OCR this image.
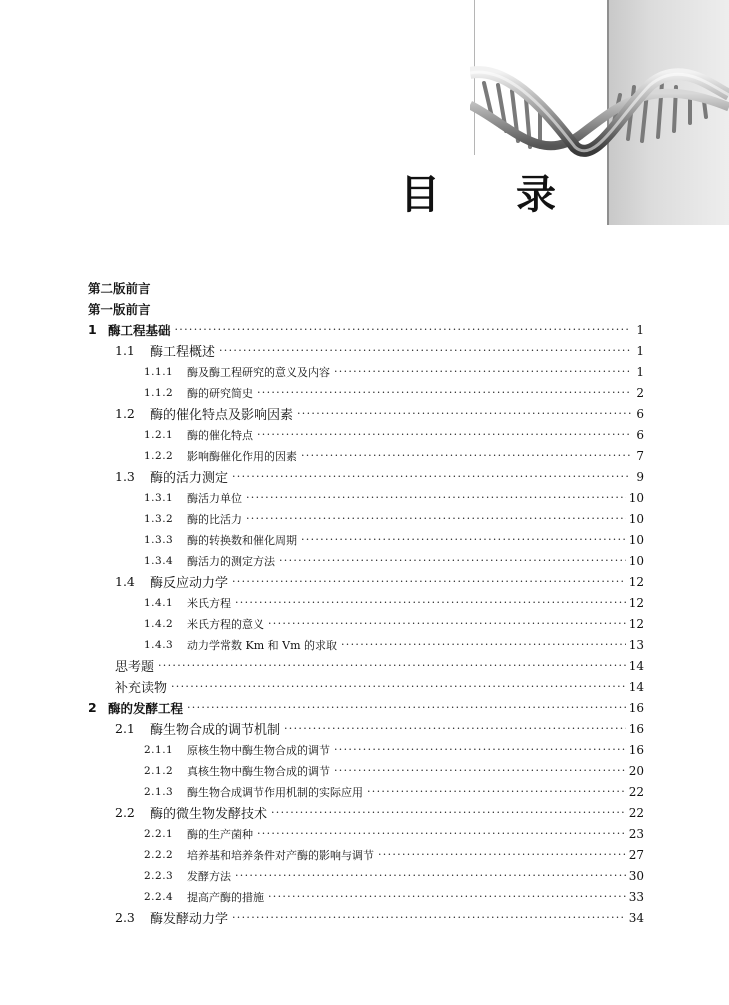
目 录
第二版前言
第一版前言
1 酶工程基础 ·····	1
1.1	酶工程概述 ·····	1
1.1.1	酶及酶工程研究的意义及内容 ·····	1
1.1.2	酶的研究简史 ·····	2
1.2	酶的催化特点及影响因素 ·····	6
1.2.1	酶的催化特点 ·····	6
1.2.2	影响酶催化作用的因素 ·····	7
1.3	酶的活力测定 ·····	9
1.3.1	酶活力单位 ·····	10
1.3.2	酶的比活力 ·····	10
1.3.3	酶的转换数和催化周期 ·····	10
1.3.4	酶活力的测定方法 ·····	10
1.4	酶反应动力学 ·····	12
1.4.1	米氏方程 ·····	12
1.4.2	米氏方程的意义 ·····	12
1.4.3	动力学常数 Km 和 Vm 的求取 ·····	13
思考题 ·····	14
补充读物 ·····	14
2 酶的发酵工程 ·····	16
2.1	酶生物合成的调节机制 ·····	16
2.1.1	原核生物中酶生物合成的调节 ·····	16
2.1.2	真核生物中酶生物合成的调节 ·····	20
2.1.3	酶生物合成调节作用机制的实际应用 ·····	22
2.2	酶的微生物发酵技术 ·····	22
2.2.1	酶的生产菌种 ·····	23
2.2.2	培养基和培养条件对产酶的影响与调节 ·····	27
2.2.3	发酵方法 ·····	30
2.2.4	提高产酶的措施 ·····	33
2.3	酶发酵动力学 ·····	34
